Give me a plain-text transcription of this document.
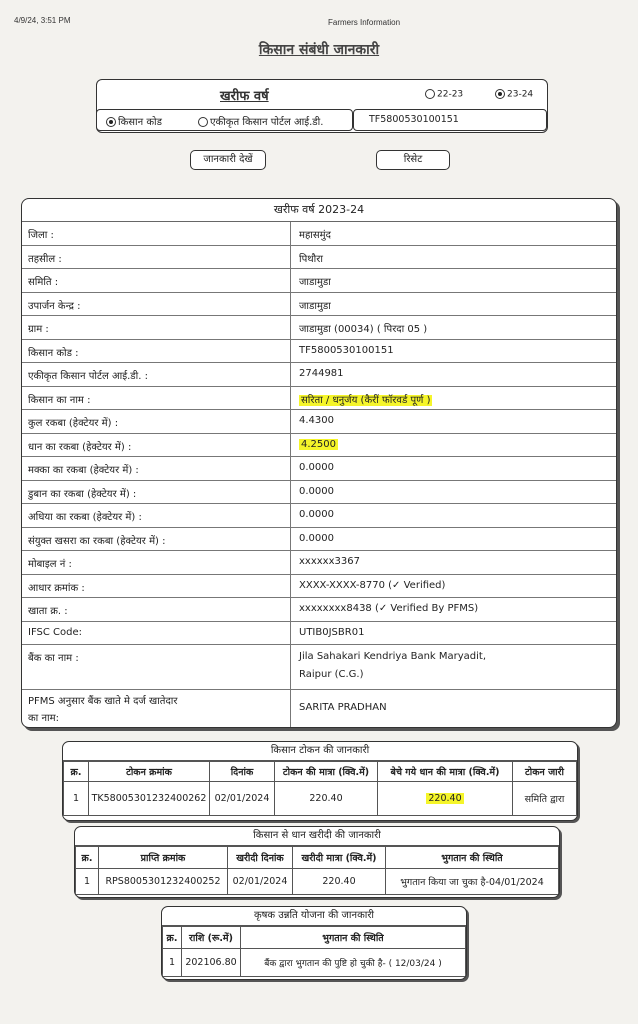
4/9/24, 3:51 PM	Farmers Information
किसान संबंधी जानकारी
खरीफ वर्ष	22-23	23-24
किसान कोड	एकीकृत किसान पोर्टल आई.डी.	TF5800530100151
जानकारी देखें	रिसेट
खरीफ वर्ष 2023-24
जिला :	महासमुंद
तहसील :	पिथौरा
समिति :	जाडामुडा
उपार्जन केन्द्र :	जाडामुडा
ग्राम :	जाडामुडा (00034) ( पिरदा 05 )
किसान कोड :	TF5800530100151
एकीकृत किसान पोर्टल आई.डी. :	2744981
किसान का नाम :	सरिता / धनुर्जय (कैरीं फॉरवर्ड पूर्ण )
कुल रकबा (हेक्टेयर में) :	4.4300
धान का रकबा (हेक्टेयर में) :	4.2500
मक्का का रकबा (हेक्टेयर में) :	0.0000
डुबान का रकबा (हेक्टेयर में) :	0.0000
अधिया का रकबा (हेक्टेयर में) :	0.0000
संयुक्त खसरा का रकबा (हेक्टेयर में) :	0.0000
मोबाइल नं :	xxxxxx3367
आधार क्रमांक :	XXXX-XXXX-8770 (✓ Verified)
खाता क्र. :	xxxxxxxx8438 (✓ Verified By PFMS)
IFSC Code:	UTIB0JSBR01
बैंक का नाम :	Jila Sahakari Kendriya Bank Maryadit,
Raipur (C.G.)
PFMS अनुसार बैंक खाते मे दर्ज खातेदार
का नाम:
SARITA PRADHAN
किसान टोकन की जानकारी
क्र.	टोकन क्रमांक	दिनांक	टोकन की मात्रा (क्वि.में)	बेचे गये धान की मात्रा (क्वि.में)	टोकन जारी
1	TK58005301232400262	02/01/2024	220.40	220.40	समिति द्वारा
किसान से धान खरीदी की जानकारी
क्र.	प्राप्ति क्रमांक	खरीदी दिनांक	खरीदी मात्रा (क्वि.में)	भुगतान की स्थिति
1	RPS8005301232400252	02/01/2024	220.40	भुगतान किया जा चुका है-04/01/2024
कृषक उन्नति योजना की जानकारी
क्र.	राशि (रू.में)	भुगतान की स्थिति
1	202106.80	बैंक द्वारा भुगतान की पुष्टि हो चुकी है- ( 12/03/24 )
